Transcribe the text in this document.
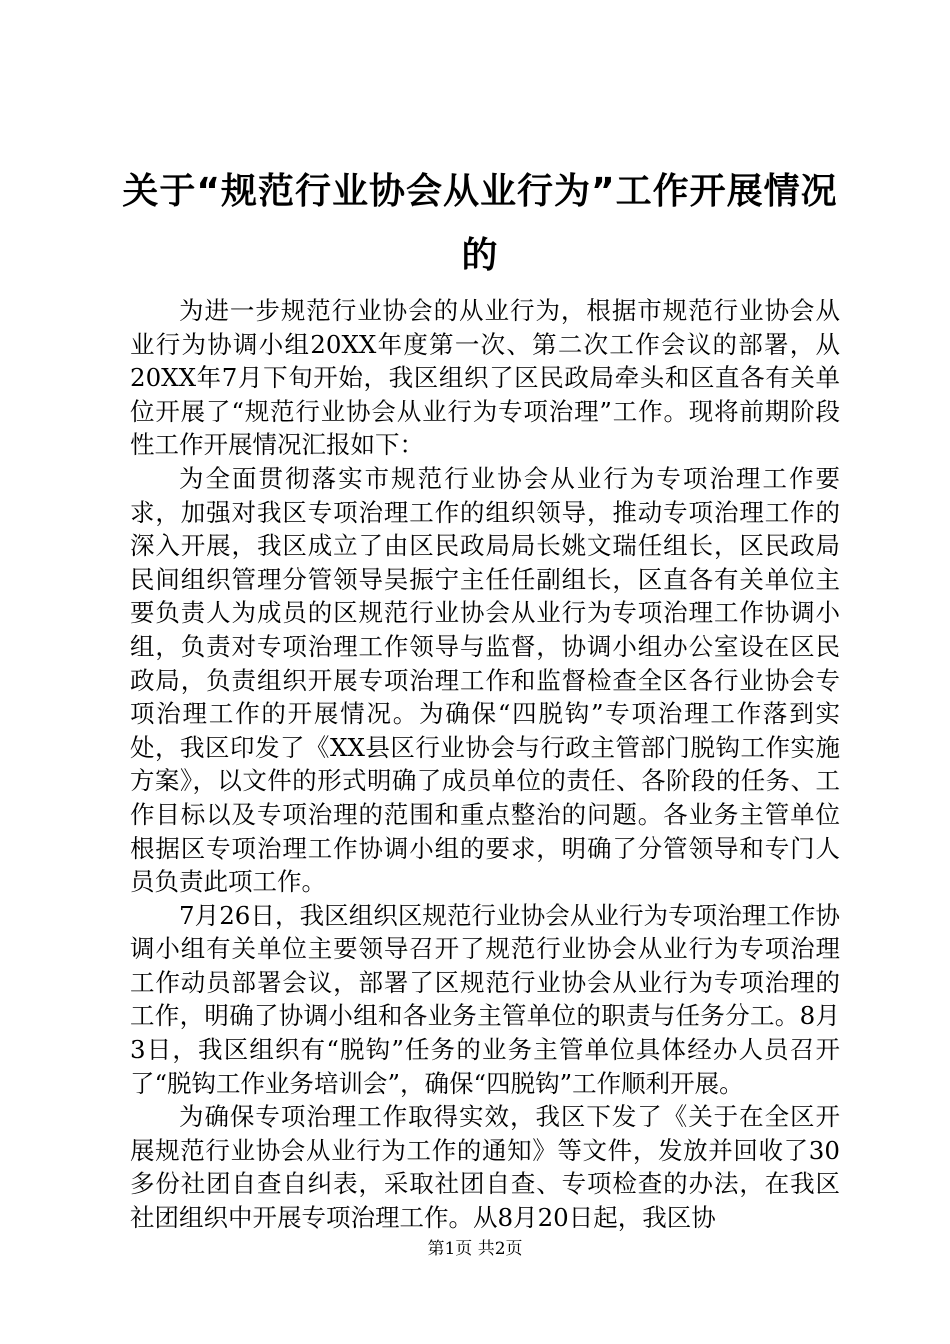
关于“规范行业协会从业行为”工作开展情况
的

为进一步规范行业协会的从业行为，根据市规范行业协会从业行为协调小组20XX年度第一次、第二次工作会议的部署，从20XX年7月下旬开始，我区组织了区民政局牵头和区直各有关单位开展了“规范行业协会从业行为专项治理”工作。现将前期阶段性工作开展情况汇报如下：

为全面贯彻落实市规范行业协会从业行为专项治理工作要求，加强对我区专项治理工作的组织领导，推动专项治理工作的深入开展，我区成立了由区民政局局长姚文瑞任组长，区民政局民间组织管理分管领导吴振宁主任任副组长，区直各有关单位主要负责人为成员的区规范行业协会从业行为专项治理工作协调小组，负责对专项治理工作领导与监督，协调小组办公室设在区民政局，负责组织开展专项治理工作和监督检查全区各行业协会专项治理工作的开展情况。为确保“四脱钩”专项治理工作落到实处，我区印发了《XX县区行业协会与行政主管部门脱钩工作实施方案》，以文件的形式明确了成员单位的责任、各阶段的任务、工作目标以及专项治理的范围和重点整治的问题。各业务主管单位根据区专项治理工作协调小组的要求，明确了分管领导和专门人员负责此项工作。

7月26日，我区组织区规范行业协会从业行为专项治理工作协调小组有关单位主要领导召开了规范行业协会从业行为专项治理工作动员部署会议，部署了区规范行业协会从业行为专项治理的工作，明确了协调小组和各业务主管单位的职责与任务分工。8月3日，我区组织有“脱钩”任务的业务主管单位具体经办人员召开了“脱钩工作业务培训会”，确保“四脱钩”工作顺利开展。

为确保专项治理工作取得实效，我区下发了《关于在全区开展规范行业协会从业行为工作的通知》等文件，发放并回收了30多份社团自查自纠表，采取社团自查、专项检查的办法，在我区社团组织中开展专项治理工作。从8月20日起，我区协

第1页 共2页
